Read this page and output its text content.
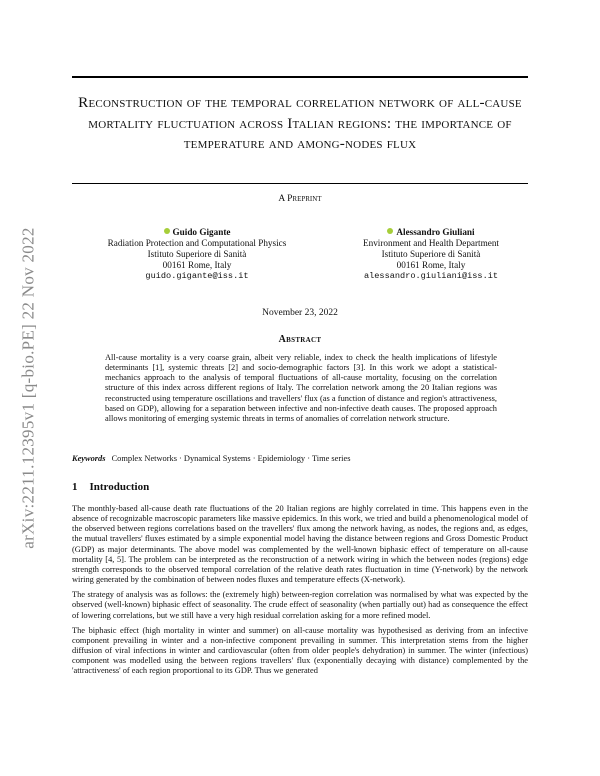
arXiv:2211.12395v1 [q-bio.PE] 22 Nov 2022
Reconstruction of the temporal correlation network of all-cause mortality fluctuation across Italian regions: the importance of temperature and among-nodes flux
A Preprint
Guido Gigante
Radiation Protection and Computational Physics
Istituto Superiore di Sanità
00161 Rome, Italy
guido.gigante@iss.it
Alessandro Giuliani
Environment and Health Department
Istituto Superiore di Sanità
00161 Rome, Italy
alessandro.giuliani@iss.it
November 23, 2022
Abstract
All-cause mortality is a very coarse grain, albeit very reliable, index to check the health implications of lifestyle determinants [1], systemic threats [2] and socio-demographic factors [3]. In this work we adopt a statistical-mechanics approach to the analysis of temporal fluctuations of all-cause mortality, focusing on the correlation structure of this index across different regions of Italy. The correlation network among the 20 Italian regions was reconstructed using temperature oscillations and travellers' flux (as a function of distance and region's attractiveness, based on GDP), allowing for a separation between infective and non-infective death causes. The proposed approach allows monitoring of emerging systemic threats in terms of anomalies of correlation network structure.
Keywords Complex Networks · Dynamical Systems · Epidemiology · Time series
1 Introduction

The monthly-based all-cause death rate fluctuations of the 20 Italian regions are highly correlated in time. This happens even in the absence of recognizable macroscopic parameters like massive epidemics. In this work, we tried and build a phenomenological model of the observed between regions correlations based on the travellers' flux among the network having, as nodes, the regions and, as edges, the mutual travellers' fluxes estimated by a simple exponential model having the distance between regions and Gross Domestic Product (GDP) as major determinants. The above model was complemented by the well-known biphasic effect of temperature on all-cause mortality [4, 5]. The problem can be interpreted as the reconstruction of a network wiring in which the between nodes (regions) edge strength corresponds to the observed temporal correlation of the relative death rates fluctuation in time (Y-network) by the network wiring generated by the combination of between nodes fluxes and temperature effects (X-network).

The strategy of analysis was as follows: the (extremely high) between-region correlation was normalised by what was expected by the observed (well-known) biphasic effect of seasonality. The crude effect of seasonality (when partially out) had as consequence the effect of lowering correlations, but we still have a very high residual correlation asking for a more refined model.

The biphasic effect (high mortality in winter and summer) on all-cause mortality was hypothesised as deriving from an infective component prevailing in winter and a non-infective component prevailing in summer. This interpretation stems from the higher diffusion of viral infections in winter and cardiovascular (often from older people's dehydration) in summer. The winter (infectious) component was modelled using the between regions travellers' flux (exponentially decaying with distance) complemented by the 'attractiveness' of each region proportional to its GDP. Thus we generated
